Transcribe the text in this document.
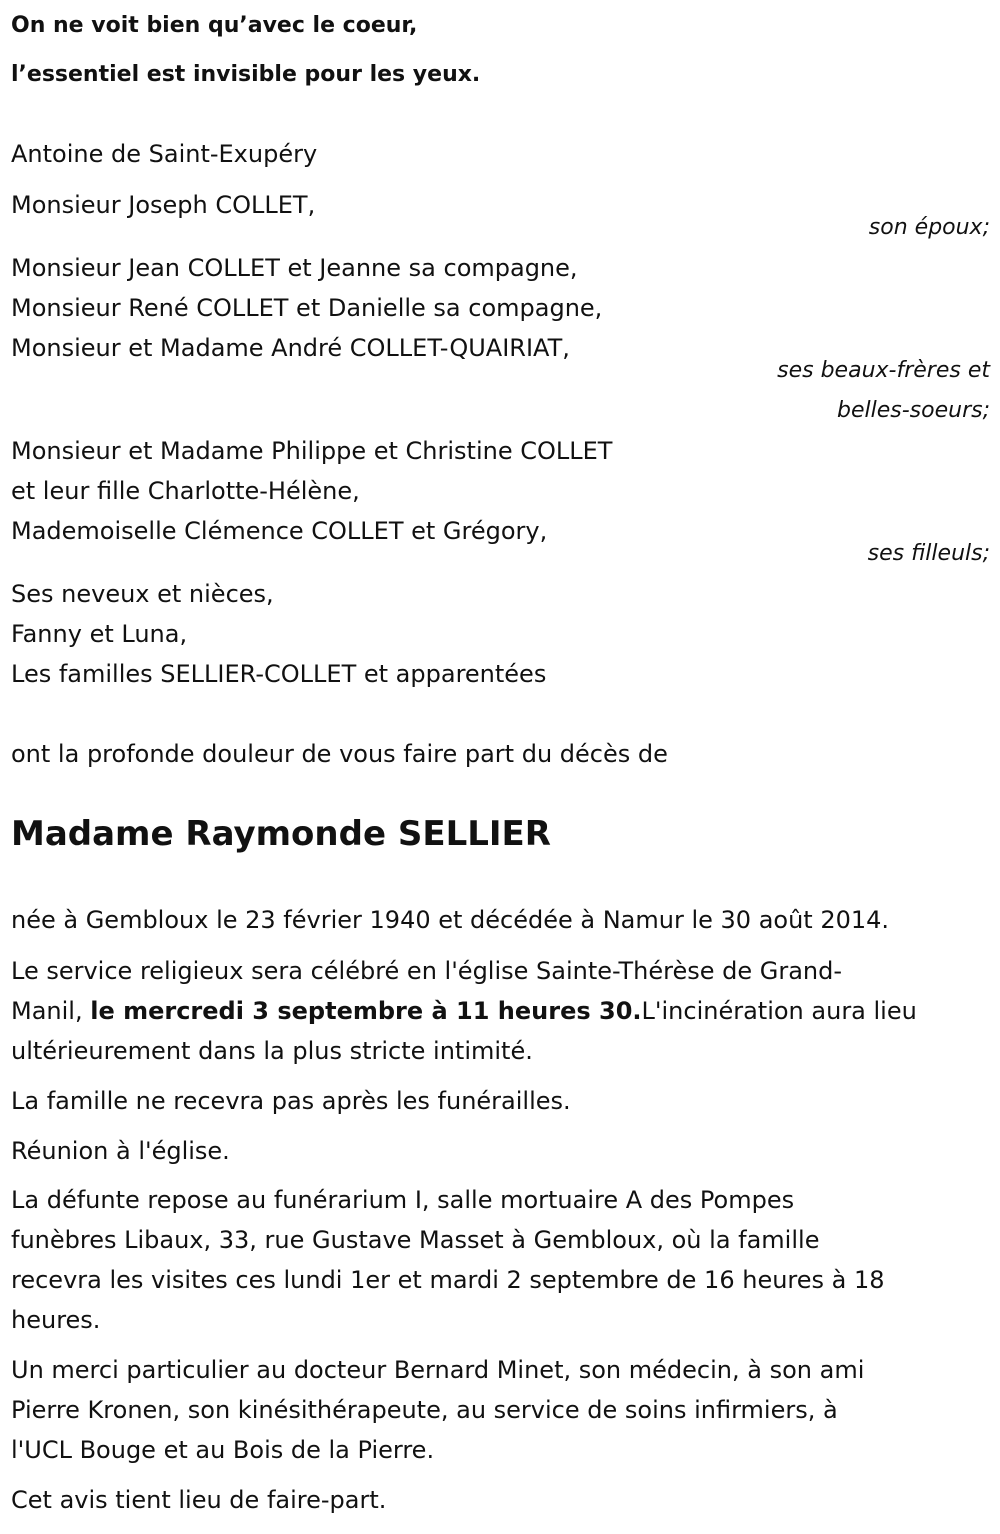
On ne voit bien qu’avec le coeur,
l’essentiel est invisible pour les yeux.
Antoine de Saint-Exupéry
Monsieur Joseph COLLET,
son époux;
Monsieur Jean COLLET et Jeanne sa compagne,
Monsieur René COLLET et Danielle sa compagne,
Monsieur et Madame André COLLET-QUAIRIAT,
ses beaux-frères et
belles-soeurs;
Monsieur et Madame Philippe et Christine COLLET
et leur fille Charlotte-Hélène,
Mademoiselle Clémence COLLET et Grégory,
ses filleuls;
Ses neveux et nièces,
Fanny et Luna,
Les familles SELLIER-COLLET et apparentées
ont la profonde douleur de vous faire part du décès de
Madame Raymonde SELLIER
née à Gembloux le 23 février 1940 et décédée à Namur le 30 août 2014.
Le service religieux sera célébré en l'église Sainte-Thérèse de Grand-
Manil, le mercredi 3 septembre à 11 heures 30.L'incinération aura lieu
ultérieurement dans la plus stricte intimité.
La famille ne recevra pas après les funérailles.
Réunion à l'église.
La défunte repose au funérarium I, salle mortuaire A des Pompes
funèbres Libaux, 33, rue Gustave Masset à Gembloux, où la famille
recevra les visites ces lundi 1er et mardi 2 septembre de 16 heures à 18
heures.
Un merci particulier au docteur Bernard Minet, son médecin, à son ami
Pierre Kronen, son kinésithérapeute, au service de soins infirmiers, à
l'UCL Bouge et au Bois de la Pierre.
Cet avis tient lieu de faire-part.
